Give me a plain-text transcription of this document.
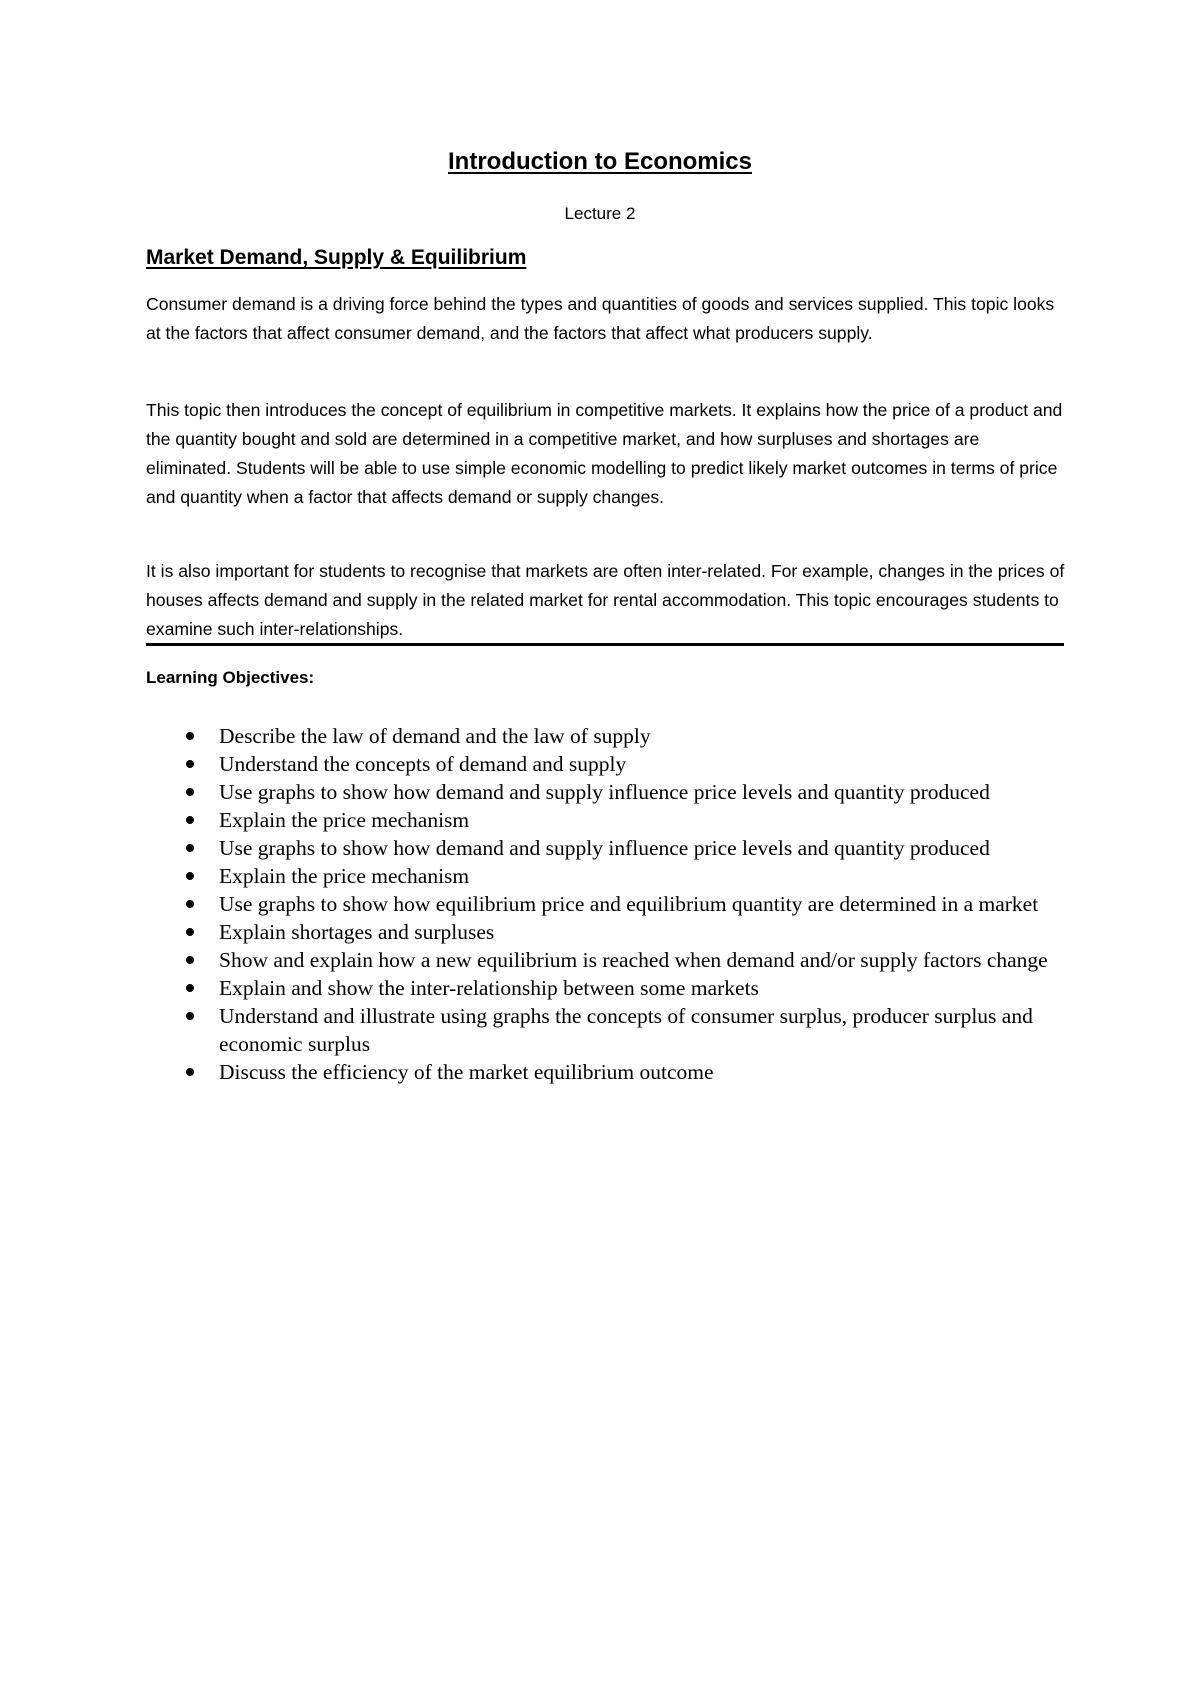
Introduction to Economics
Lecture 2
Market Demand, Supply & Equilibrium

Consumer demand is a driving force behind the types and quantities of goods and services supplied. This topic looks at the factors that affect consumer demand, and the factors that affect what producers supply.

This topic then introduces the concept of equilibrium in competitive markets. It explains how the price of a product and the quantity bought and sold are determined in a competitive market, and how surpluses and shortages are eliminated. Students will be able to use simple economic modelling to predict likely market outcomes in terms of price and quantity when a factor that affects demand or supply changes.

It is also important for students to recognise that markets are often inter-related. For example, changes in the prices of houses affects demand and supply in the related market for rental accommodation. This topic encourages students to examine such inter-relationships.

Learning Objectives:
Describe the law of demand and the law of supply
Understand the concepts of demand and supply
Use graphs to show how demand and supply influence price levels and quantity produced
Explain the price mechanism
Use graphs to show how demand and supply influence price levels and quantity produced
Explain the price mechanism
Use graphs to show how equilibrium price and equilibrium quantity are determined in a market
Explain shortages and surpluses
Show and explain how a new equilibrium is reached when demand and/or supply factors change
Explain and show the inter-relationship between some markets
Understand and illustrate using graphs the concepts of consumer surplus, producer surplus and economic surplus
Discuss the efficiency of the market equilibrium outcome
